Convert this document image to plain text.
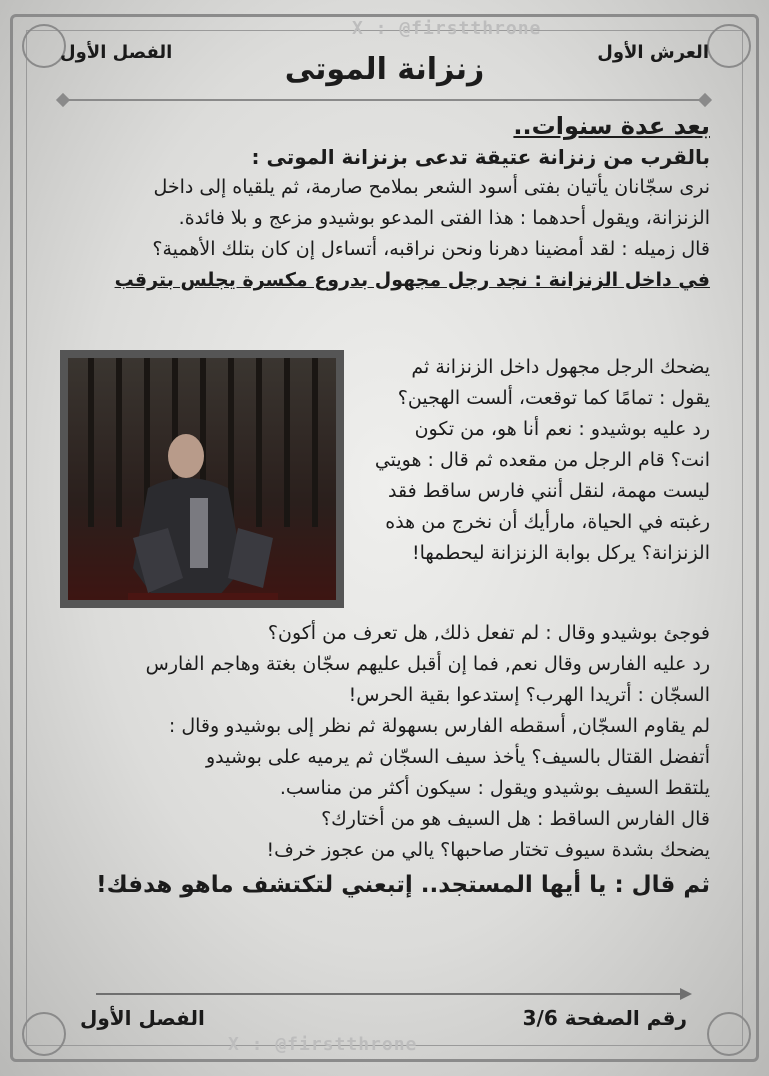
X : @firstthrone
X : @firstthrone
العرش الأول
الفصل الأول	زنزانة الموتى
بعد عدة سنوات..
بالقرب من زنزانة عتيقة تدعى بزنزانة الموتى :
نرى سجّانان يأتيان بفتى أسود الشعر بملامح صارمة، ثم يلقياه إلى داخل
الزنزانة، ويقول أحدهما : هذا الفتى المدعو بوشيدو مزعج و بلا فائدة.
قال زميله : لقد أمضينا دهرنا ونحن نراقبه، أتساءل إن كان بتلك الأهمية؟
في داخل الزنزانة : نجد رجل مجهول بدروع مكسرة يجلس بترقب
يضحك الرجل مجهول داخل الزنزانة ثم
يقول : تمامًا كما توقعت، ألست الهجين؟
رد عليه بوشيدو : نعم أنا هو، من تكون
انت؟ قام الرجل من مقعده ثم قال : هويتي
ليست مهمة، لنقل أنني فارس ساقط فقد
رغبته في الحياة، مارأيك أن نخرج من هذه
الزنزانة؟ يركل بوابة الزنزانة ليحطمها!
فوجئ بوشيدو وقال : لم تفعل ذلك, هل تعرف من أكون؟
رد عليه الفارس وقال نعم, فما إن أقبل عليهم سجّان بغتة وهاجم الفارس
السجّان : أتريدا الهرب؟ إستدعوا بقية الحرس!
لم يقاوم السجّان, أسقطه الفارس بسهولة ثم نظر إلى بوشيدو وقال :
أتفضل القتال بالسيف؟ يأخذ سيف السجّان ثم يرميه على بوشيدو
يلتقط السيف بوشيدو ويقول : سيكون أكثر من مناسب.
قال الفارس الساقط : هل السيف هو من أختارك؟
يضحك بشدة سيوف تختار صاحبها؟ يالي من عجوز خرف!
ثم قال : يا أيها المستجد.. إتبعني لتكتشف ماهو هدفك!
رقم الصفحة 3/6
الفصل الأول
